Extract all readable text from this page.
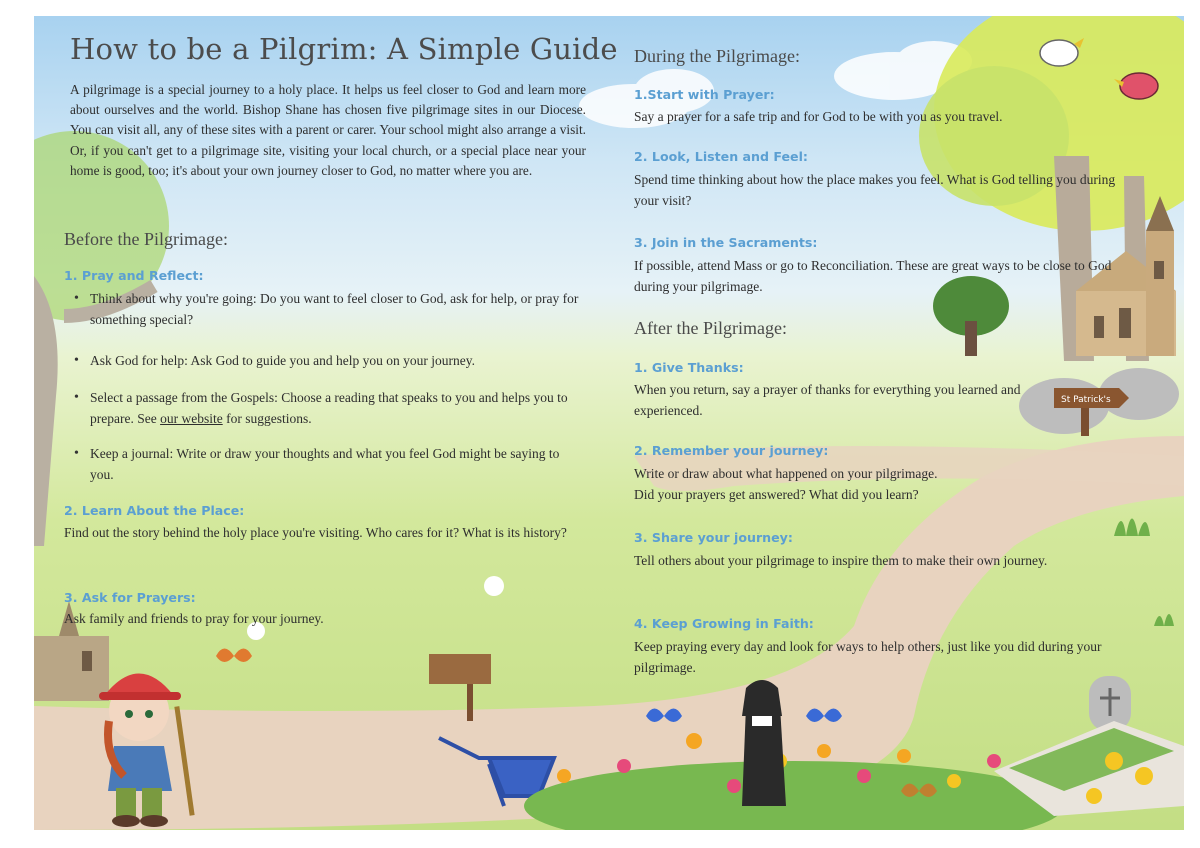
St Patrick's
How to be a Pilgrim: A Simple Guide

A pilgrimage is a special journey to a holy place. It helps us feel closer to God and learn more about ourselves and the world. Bishop Shane has chosen five pilgrimage sites in our Diocese. You can visit all, any of these sites with a parent or carer. Your school might also arrange a visit. Or, if you can't get to a pilgrimage site, visiting your local church, or a special place near your home is good, too; it's about your own journey closer to God, no matter where you are.

Before the Pilgrimage:
1. Pray and Reflect:
• Think about why you're going: Do you want to feel closer to God, ask for help, or pray for something special?
• Ask God for help: Ask God to guide you and help you on your journey.
• Select a passage from the Gospels: Choose a reading that speaks to you and helps you to prepare. See our website for suggestions.
• Keep a journal: Write or draw your thoughts and what you feel God might be saying to you.
2. Learn About the Place:

Find out the story behind the holy place you're visiting. Who cares for it? What is its history?

3. Ask for Prayers:

Ask family and friends to pray for your journey.

During the Pilgrimage:
1.Start with Prayer:

Say a prayer for a safe trip and for God to be with you as you travel.

2. Look, Listen and Feel:

Spend time thinking about how the place makes you feel. What is God telling you during your visit?

3. Join in the Sacraments:

If possible, attend Mass or go to Reconciliation. These are great ways to be close to God during your pilgrimage.

After the Pilgrimage:
1. Give Thanks:

When you return, say a prayer of thanks for everything you learned and experienced.

2. Remember your journey:

Write or draw about what happened on your pilgrimage.

Did your prayers get answered? What did you learn?

3. Share your journey:

Tell others about your pilgrimage to inspire them to make their own journey.

4. Keep Growing in Faith:

Keep praying every day and look for ways to help others, just like you did during your pilgrimage.
